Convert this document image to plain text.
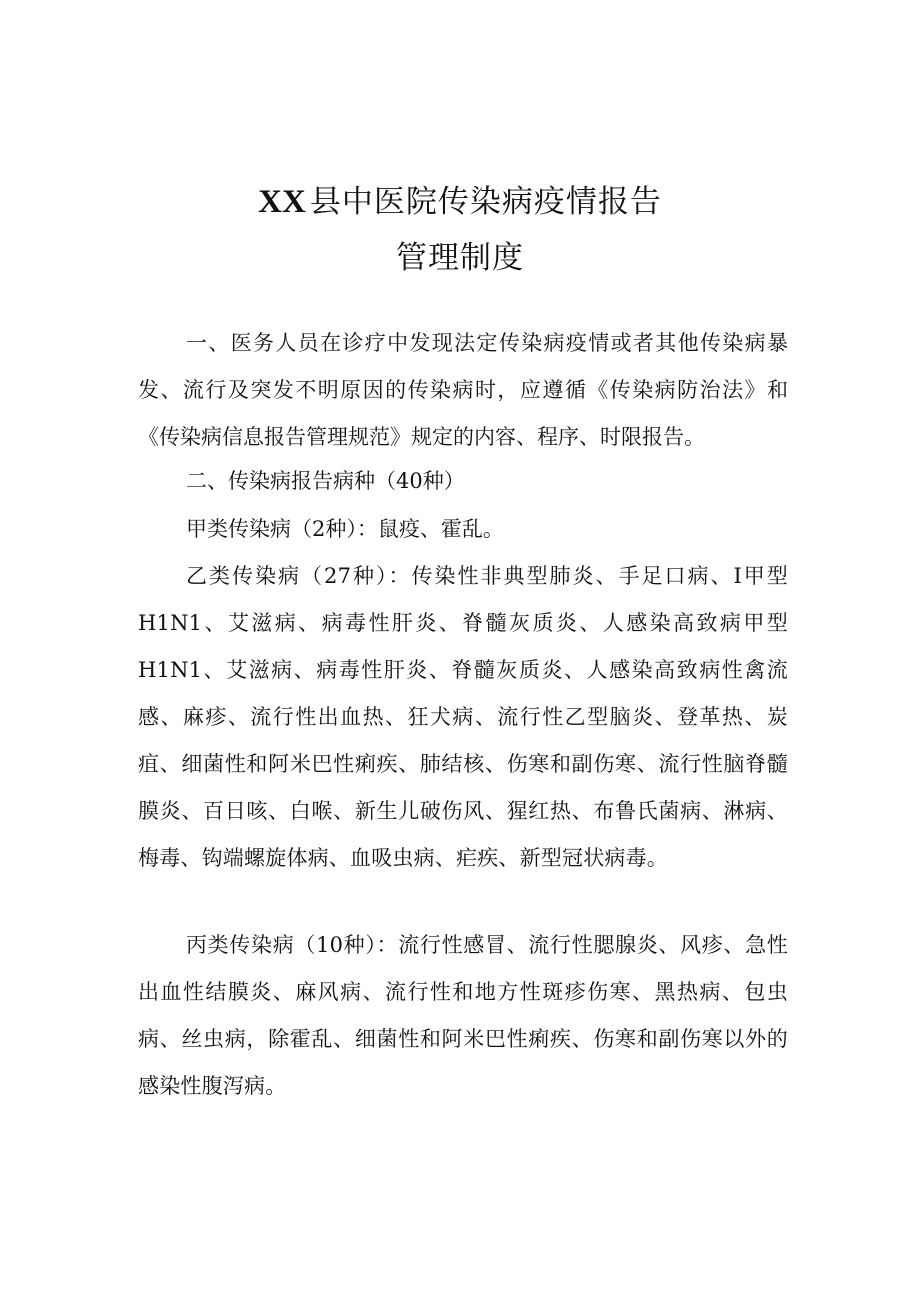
XX 县中医院传染病疫情报告
管理制度

一、医务人员在诊疗中发现法定传染病疫情或者其他传染病暴发、流行及突发不明原因的传染病时，应遵循《传染病防治法》和《传染病信息报告管理规范》规定的内容、程序、时限报告。

二、传染病报告病种（40种）

甲类传染病（2种）：鼠疫、霍乱。

乙类传染病（27种）：传染性非典型肺炎、手足口病、I甲型H1N1、艾滋病、病毒性肝炎、脊髓灰质炎、人感染高致病甲型H1N1、艾滋病、病毒性肝炎、脊髓灰质炎、人感染高致病性禽流感、麻疹、流行性出血热、狂犬病、流行性乙型脑炎、登革热、炭疽、细菌性和阿米巴性痢疾、肺结核、伤寒和副伤寒、流行性脑脊髓膜炎、百日咳、白喉、新生儿破伤风、猩红热、布鲁氏菌病、淋病、梅毒、钩端螺旋体病、血吸虫病、疟疾、新型冠状病毒。

丙类传染病（10种）：流行性感冒、流行性腮腺炎、风疹、急性出血性结膜炎、麻风病、流行性和地方性斑疹伤寒、黑热病、包虫病、丝虫病，除霍乱、细菌性和阿米巴性痢疾、伤寒和副伤寒以外的感染性腹泻病。
